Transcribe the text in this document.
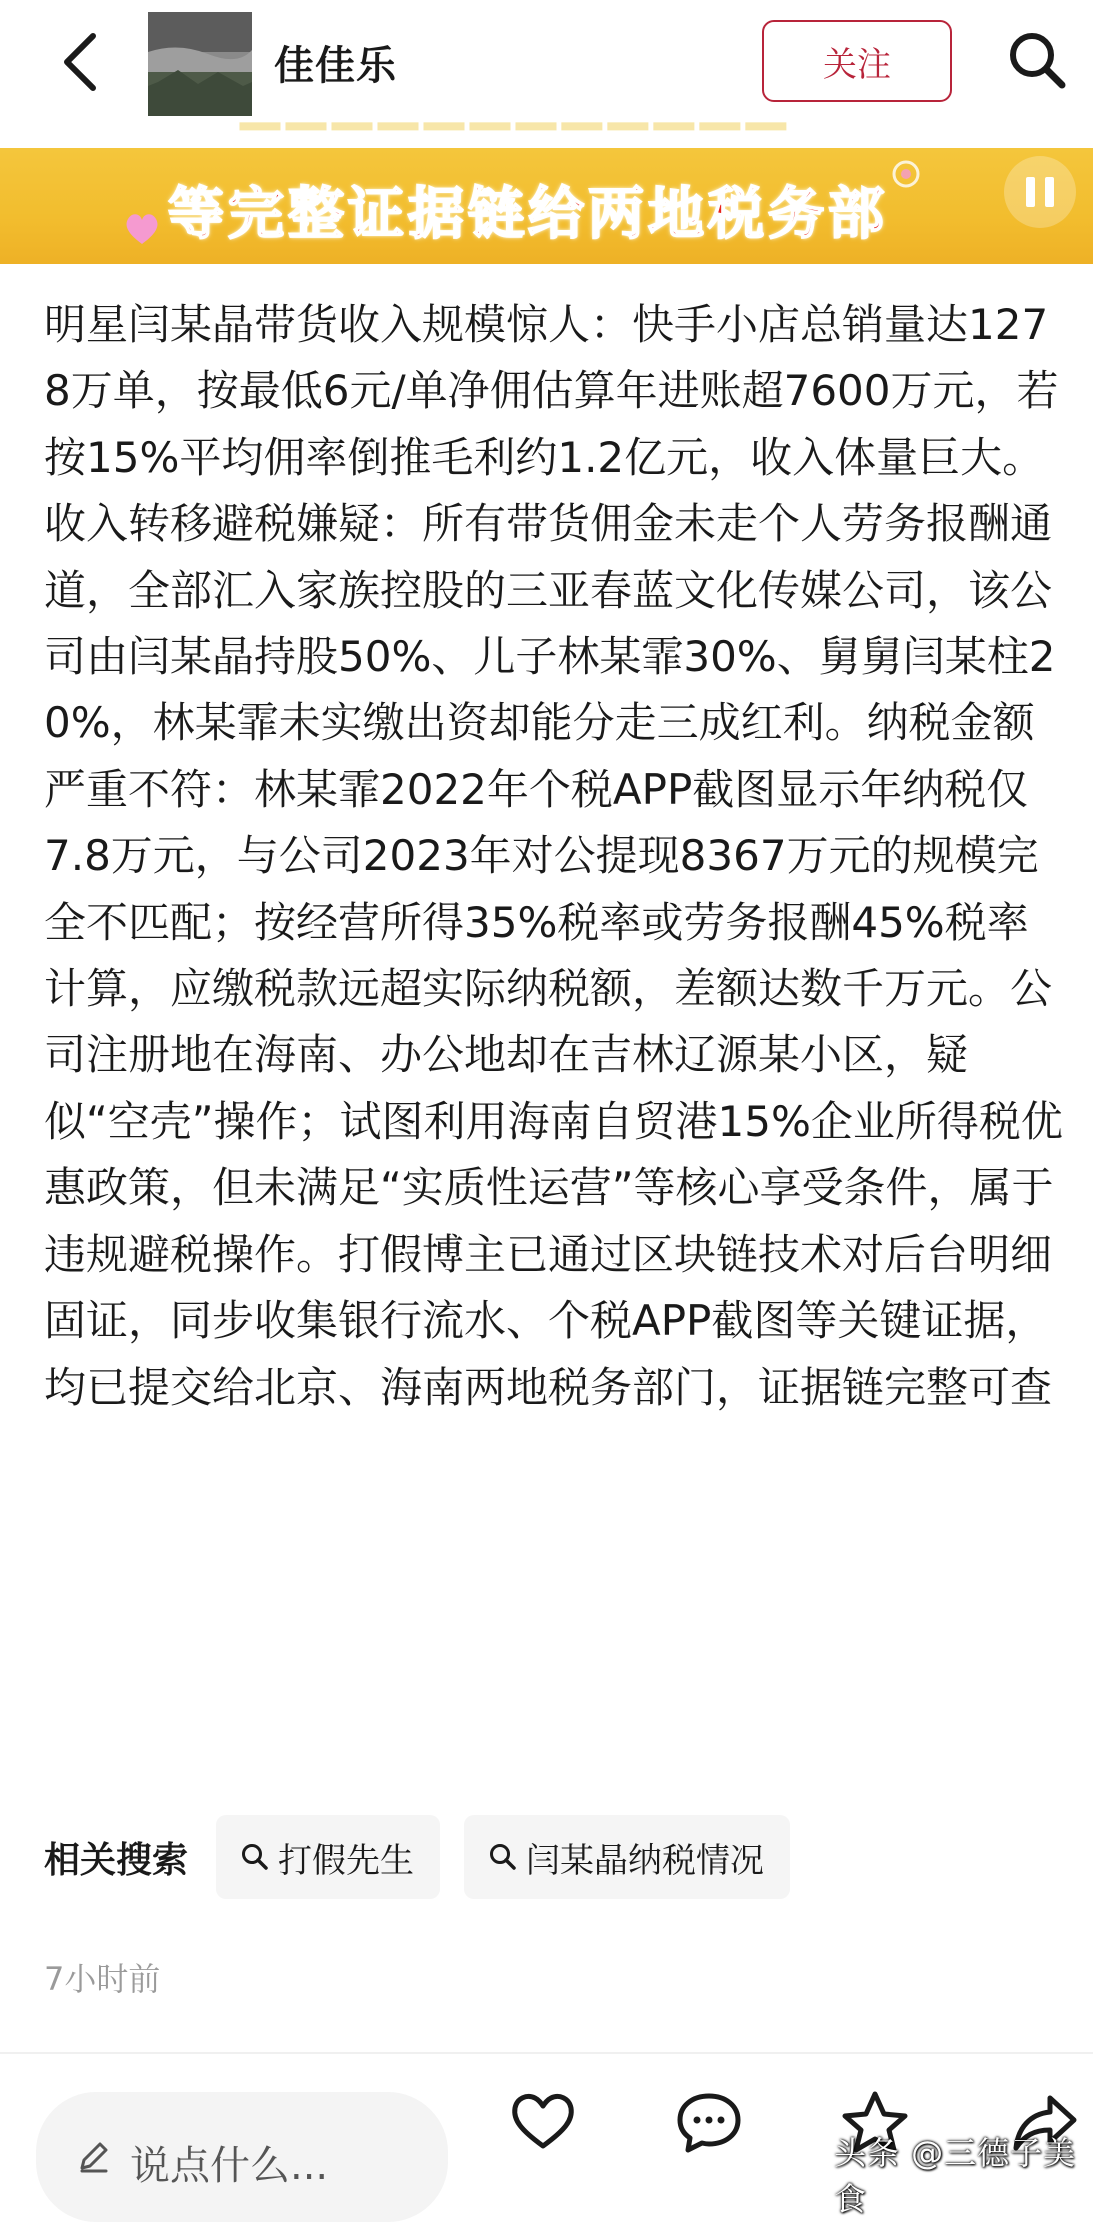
佳佳乐	关注
▔▔▔▔▔▔▔▔▔▔▔▔
等完整证据链给两地税务部
明星闫某晶带货收入规模惊人：快手小店总销量达1278万单，按最低6元/单净佣估算年进账超7600万元，若按15%平均佣率倒推毛利约1.2亿元，收入体量巨大。收入转移避税嫌疑：所有带货佣金未走个人劳务报酬通道，全部汇入家族控股的三亚春蓝文化传媒公司，该公司由闫某晶持股50%、儿子林某霏30%、舅舅闫某柱20%，林某霏未实缴出资却能分走三成红利。纳税金额严重不符：林某霏2022年个税APP截图显示年纳税仅7.8万元，与公司2023年对公提现8367万元的规模完全不匹配；按经营所得35%税率或劳务报酬45%税率计算，应缴税款远超实际纳税额，差额达数千万元。公司注册地在海南、办公地却在吉林辽源某小区，疑似“空壳”操作；试图利用海南自贸港15%企业所得税优惠政策，但未满足“实质性运营”等核心享受条件，属于违规避税操作。打假博主已通过区块链技术对后台明细固证，同步收集银行流水、个税APP截图等关键证据，均已提交给北京、海南两地税务部门，证据链完整可查
相关搜索	打假先生	闫某晶纳税情况
7小时前
说点什么...	头条 @三德子美食
